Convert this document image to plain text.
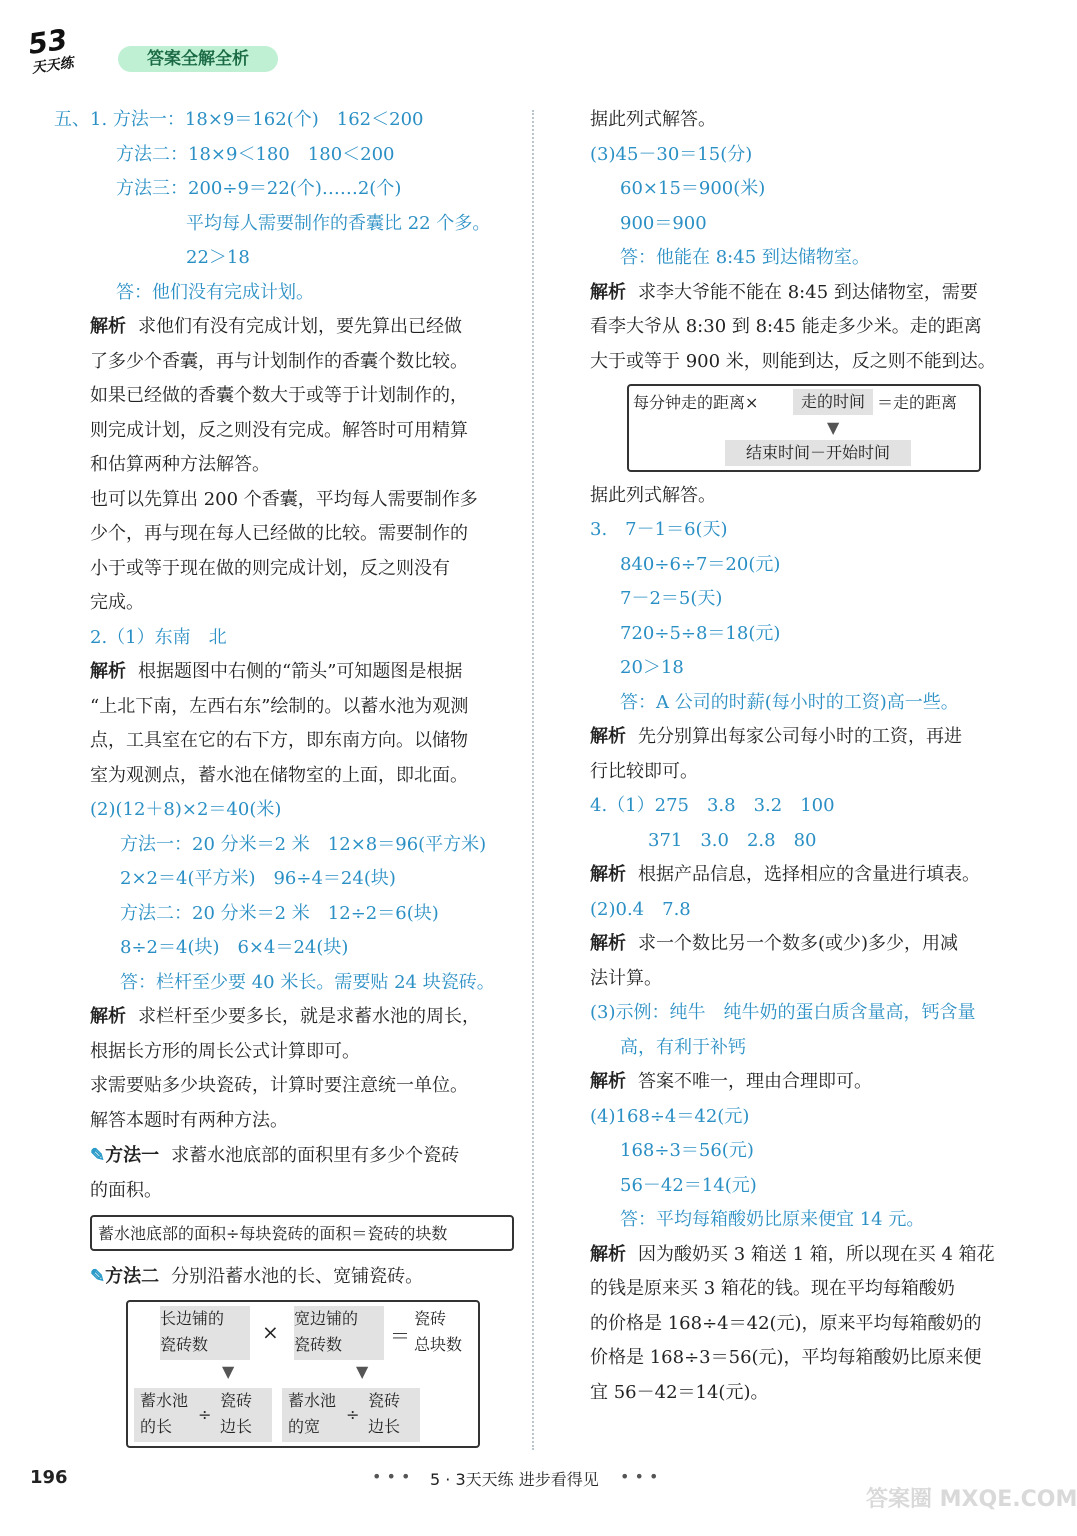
53
天天练	答案全解全析
五、1. 方法一：18×9＝162(个)　162＜200
方法二：18×9＜180　180＜200
方法三：200÷9＝22(个)……2(个)
平均每人需要制作的香囊比 22 个多。
22＞18
答：他们没有完成计划。
解析 求他们有没有完成计划，要先算出已经做
了多少个香囊，再与计划制作的香囊个数比较。
如果已经做的香囊个数大于或等于计划制作的，
则完成计划，反之则没有完成。解答时可用精算
和估算两种方法解答。
也可以先算出 200 个香囊，平均每人需要制作多
少个，再与现在每人已经做的比较。需要制作的
小于或等于现在做的则完成计划，反之则没有
完成。
2.（1）东南　北
解析 根据题图中右侧的“箭头”可知题图是根据
“上北下南，左西右东”绘制的。以蓄水池为观测
点，工具室在它的右下方，即东南方向。以储物
室为观测点，蓄水池在储物室的上面，即北面。
(2)(12＋8)×2＝40(米)
方法一：20 分米＝2 米　12×8＝96(平方米)
2×2＝4(平方米)　96÷4＝24(块)
方法二：20 分米＝2 米　12÷2＝6(块)
8÷2＝4(块)　6×4＝24(块)
答：栏杆至少要 40 米长。需要贴 24 块瓷砖。
解析 求栏杆至少要多长，就是求蓄水池的周长，
根据长方形的周长公式计算即可。
求需要贴多少块瓷砖，计算时要注意统一单位。
解答本题时有两种方法。
✎方法一 求蓄水池底部的面积里有多少个瓷砖
的面积。
蓄水池底部的面积÷每块瓷砖的面积＝瓷砖的块数
✎方法二 分别沿蓄水池的长、宽铺瓷砖。
长边铺的
瓷砖数
×
宽边铺的
瓷砖数	＝
瓷砖
总块数
▼	▼
蓄水池
的长
÷
瓷砖
边长
蓄水池
的宽
÷
瓷砖
边长
据此列式解答。
(3)45－30＝15(分)
60×15＝900(米)
900＝900
答：他能在 8:45 到达储物室。
解析 求李大爷能不能在 8:45 到达储物室，需要
看李大爷从 8:30 到 8:45 能走多少米。走的距离
大于或等于 900 米，则能到达，反之则不能到达。
每分钟走的距离×	走的时间 ＝走的距离
▼
结束时间－开始时间
据此列式解答。
3.　7－1＝6(天)
840÷6÷7＝20(元)
7－2＝5(天)
720÷5÷8＝18(元)
20＞18
答：A 公司的时薪(每小时的工资)高一些。
解析 先分别算出每家公司每小时的工资，再进
行比较即可。
4.（1）275　3.8　3.2　100
371　3.0　2.8　80
解析 根据产品信息，选择相应的含量进行填表。
(2)0.4　7.8
解析 求一个数比另一个数多(或少)多少，用减
法计算。
(3)示例：纯牛　纯牛奶的蛋白质含量高，钙含量
高，有利于补钙
解析 答案不唯一，理由合理即可。
(4)168÷4＝42(元)
168÷3＝56(元)
56－42＝14(元)
答：平均每箱酸奶比原来便宜 14 元。
解析 因为酸奶买 3 箱送 1 箱，所以现在买 4 箱花
的钱是原来买 3 箱花的钱。现在平均每箱酸奶
的价格是 168÷4＝42(元)，原来平均每箱酸奶的
价格是 168÷3＝56(元)，平均每箱酸奶比原来便
宜 56－42＝14(元)。
196	• • • 5 · 3天天练 进步看得见 • • •
答案圈 MXQE.COM
